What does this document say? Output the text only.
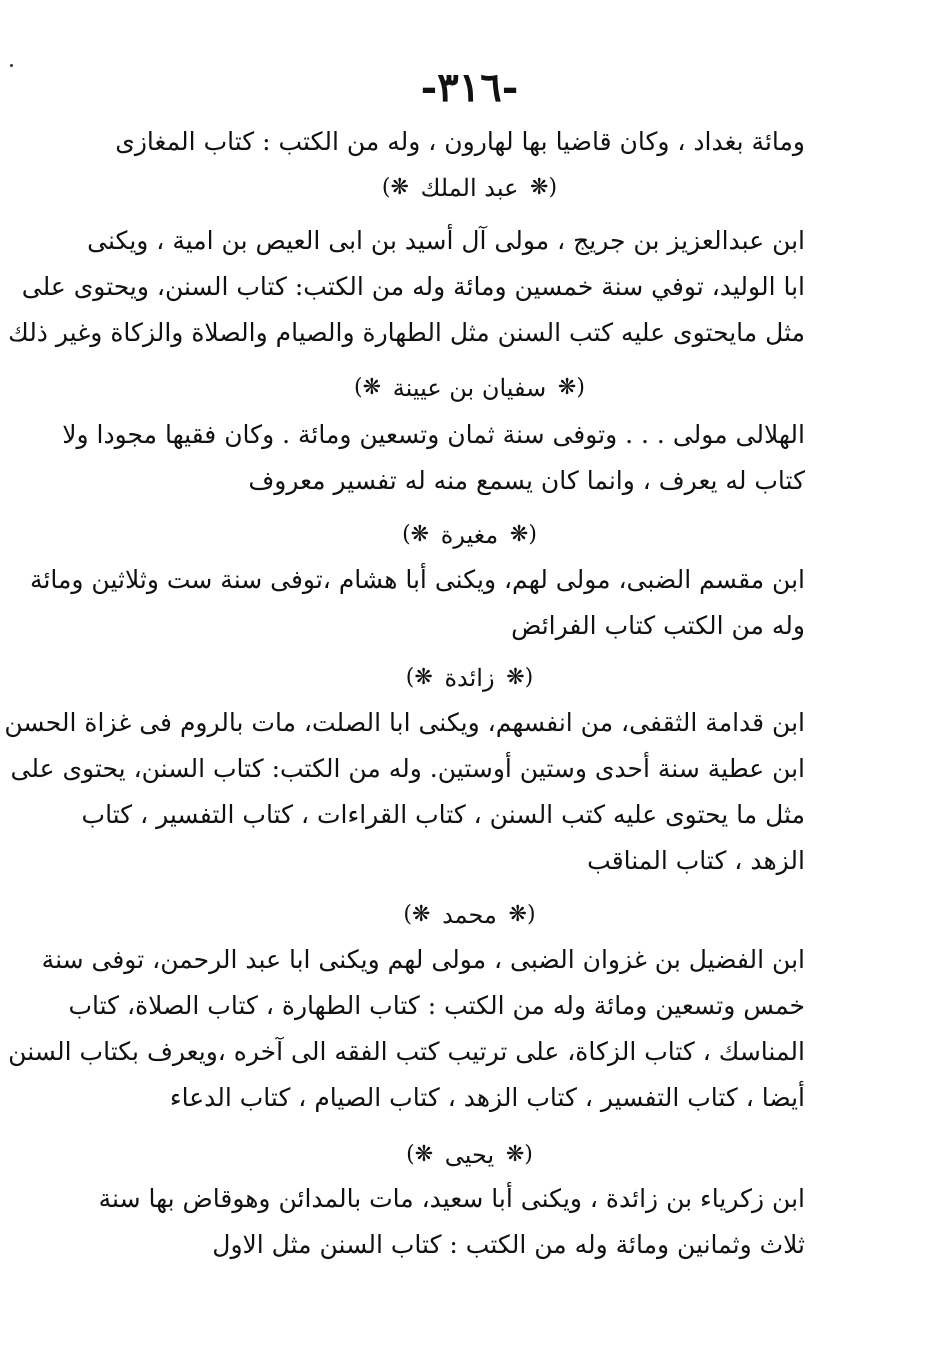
-٣١٦-
ومائة بغداد ، وكان قاضيا بها لهارون ، وله من الكتب : كتاب المغازى
(❋ عبد الملك ❋)
ابن عبدالعزيز بن جريج ، مولى آل أسيد بن ابى العيص بن امية ، ويكنى
ابا الوليد، توفي سنة خمسين ومائة وله من الكتب: كتاب السنن، ويحتوى على
مثل مايحتوى عليه كتب السنن مثل الطهارة والصيام والصلاة والزكاة وغير ذلك
(❋ سفيان بن عيينة ❋)
الهلالى مولى . . . وتوفى سنة ثمان وتسعين ومائة . وكان فقيها مجودا ولا
كتاب له يعرف ، وانما كان يسمع منه له تفسير معروف
(❋ مغيرة ❋)
ابن مقسم الضبى، مولى لهم، ويكنى أبا هشام ،توفى سنة ست وثلاثين ومائة
وله من الكتب كتاب الفرائض
(❋ زائدة ❋)
ابن قدامة الثقفى، من انفسهم، ويكنى ابا الصلت، مات بالروم فى غزاة الحسن
ابن عطية سنة أحدى وستين أوستين. وله من الكتب: كتاب السنن، يحتوى على
مثل ما يحتوى عليه كتب السنن ، كتاب القراءات ، كتاب التفسير ، كتاب
الزهد ، كتاب المناقب
(❋ محمد ❋)
ابن الفضيل بن غزوان الضبى ، مولى لهم ويكنى ابا عبد الرحمن، توفى سنة
خمس وتسعين ومائة وله من الكتب : كتاب الطهارة ، كتاب الصلاة، كتاب
المناسك ، كتاب الزكاة، على ترتيب كتب الفقه الى آخره ،ويعرف بكتاب السنن
أيضا ، كتاب التفسير ، كتاب الزهد ، كتاب الصيام ، كتاب الدعاء
(❋ يحيى ❋)
ابن زكرياء بن زائدة ، ويكنى أبا سعيد، مات بالمدائن وهوقاض بها سنة
ثلاث وثمانين ومائة وله من الكتب : كتاب السنن مثل الاول
